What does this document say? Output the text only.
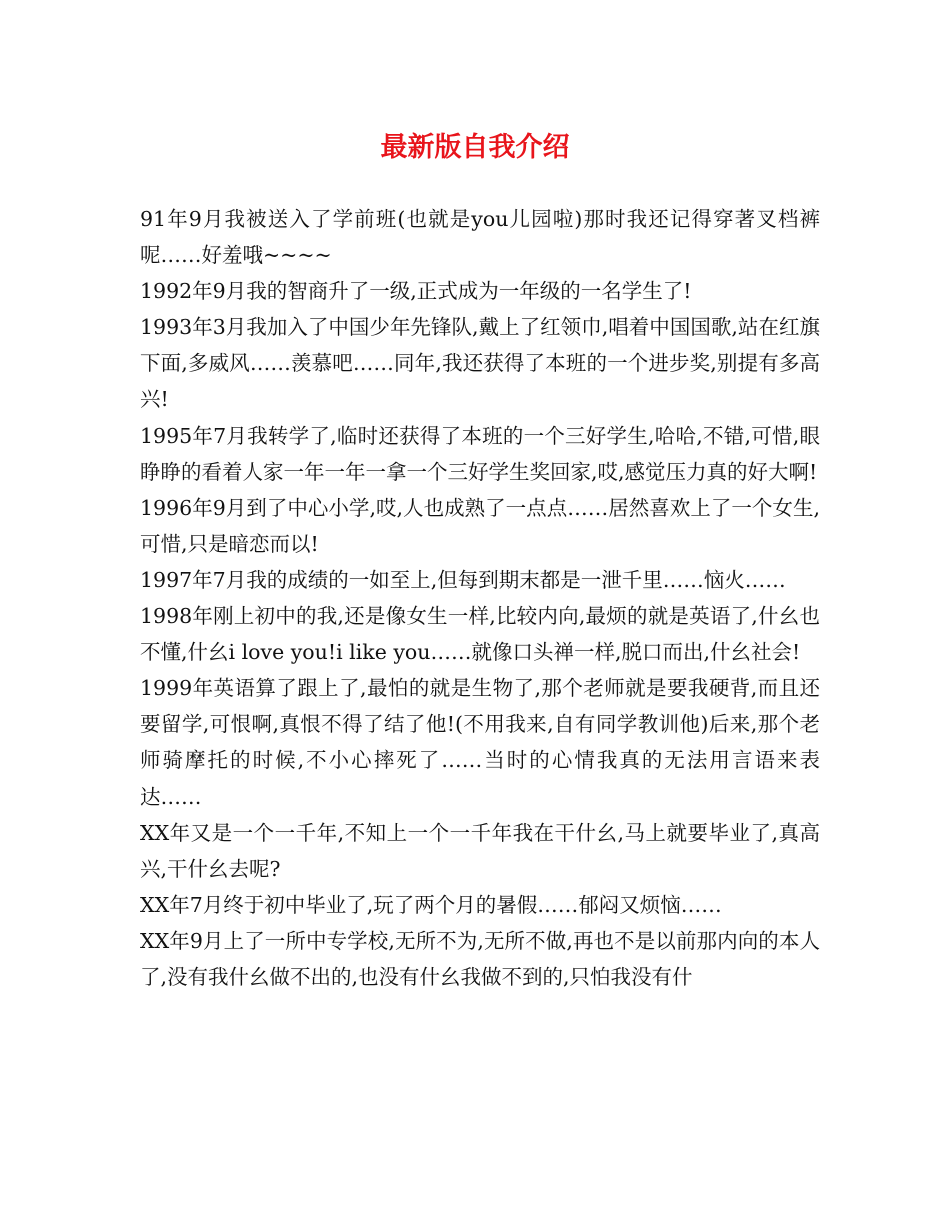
最新版自我介绍

91年9月我被送入了学前班(也就是you儿园啦)那时我还记得穿著叉档裤呢……好羞哦~~~~

1992年9月我的智商升了一级,正式成为一年级的一名学生了!

1993年3月我加入了中国少年先锋队,戴上了红领巾,唱着中国国歌,站在红旗下面,多威风……羡慕吧……同年,我还获得了本班的一个进步奖,别提有多高兴!

1995年7月我转学了,临时还获得了本班的一个三好学生,哈哈,不错,可惜,眼睁睁的看着人家一年一年一拿一个三好学生奖回家,哎,感觉压力真的好大啊!

1996年9月到了中心小学,哎,人也成熟了一点点……居然喜欢上了一个女生,可惜,只是暗恋而以!

1997年7月我的成绩的一如至上,但每到期末都是一泄千里……恼火……

1998年刚上初中的我,还是像女生一样,比较内向,最烦的就是英语了,什幺也不懂,什幺i love you!i like you……就像口头禅一样,脱口而出,什幺社会!

1999年英语算了跟上了,最怕的就是生物了,那个老师就是要我硬背,而且还要留学,可恨啊,真恨不得了结了他!(不用我来,自有同学教训他)后来,那个老师骑摩托的时候,不小心摔死了……当时的心情我真的无法用言语来表达……

XX年又是一个一千年,不知上一个一千年我在干什幺,马上就要毕业了,真高兴,干什幺去呢?

XX年7月终于初中毕业了,玩了两个月的暑假……郁闷又烦恼……

XX年9月上了一所中专学校,无所不为,无所不做,再也不是以前那内向的本人了,没有我什幺做不出的,也没有什幺我做不到的,只怕我没有什
